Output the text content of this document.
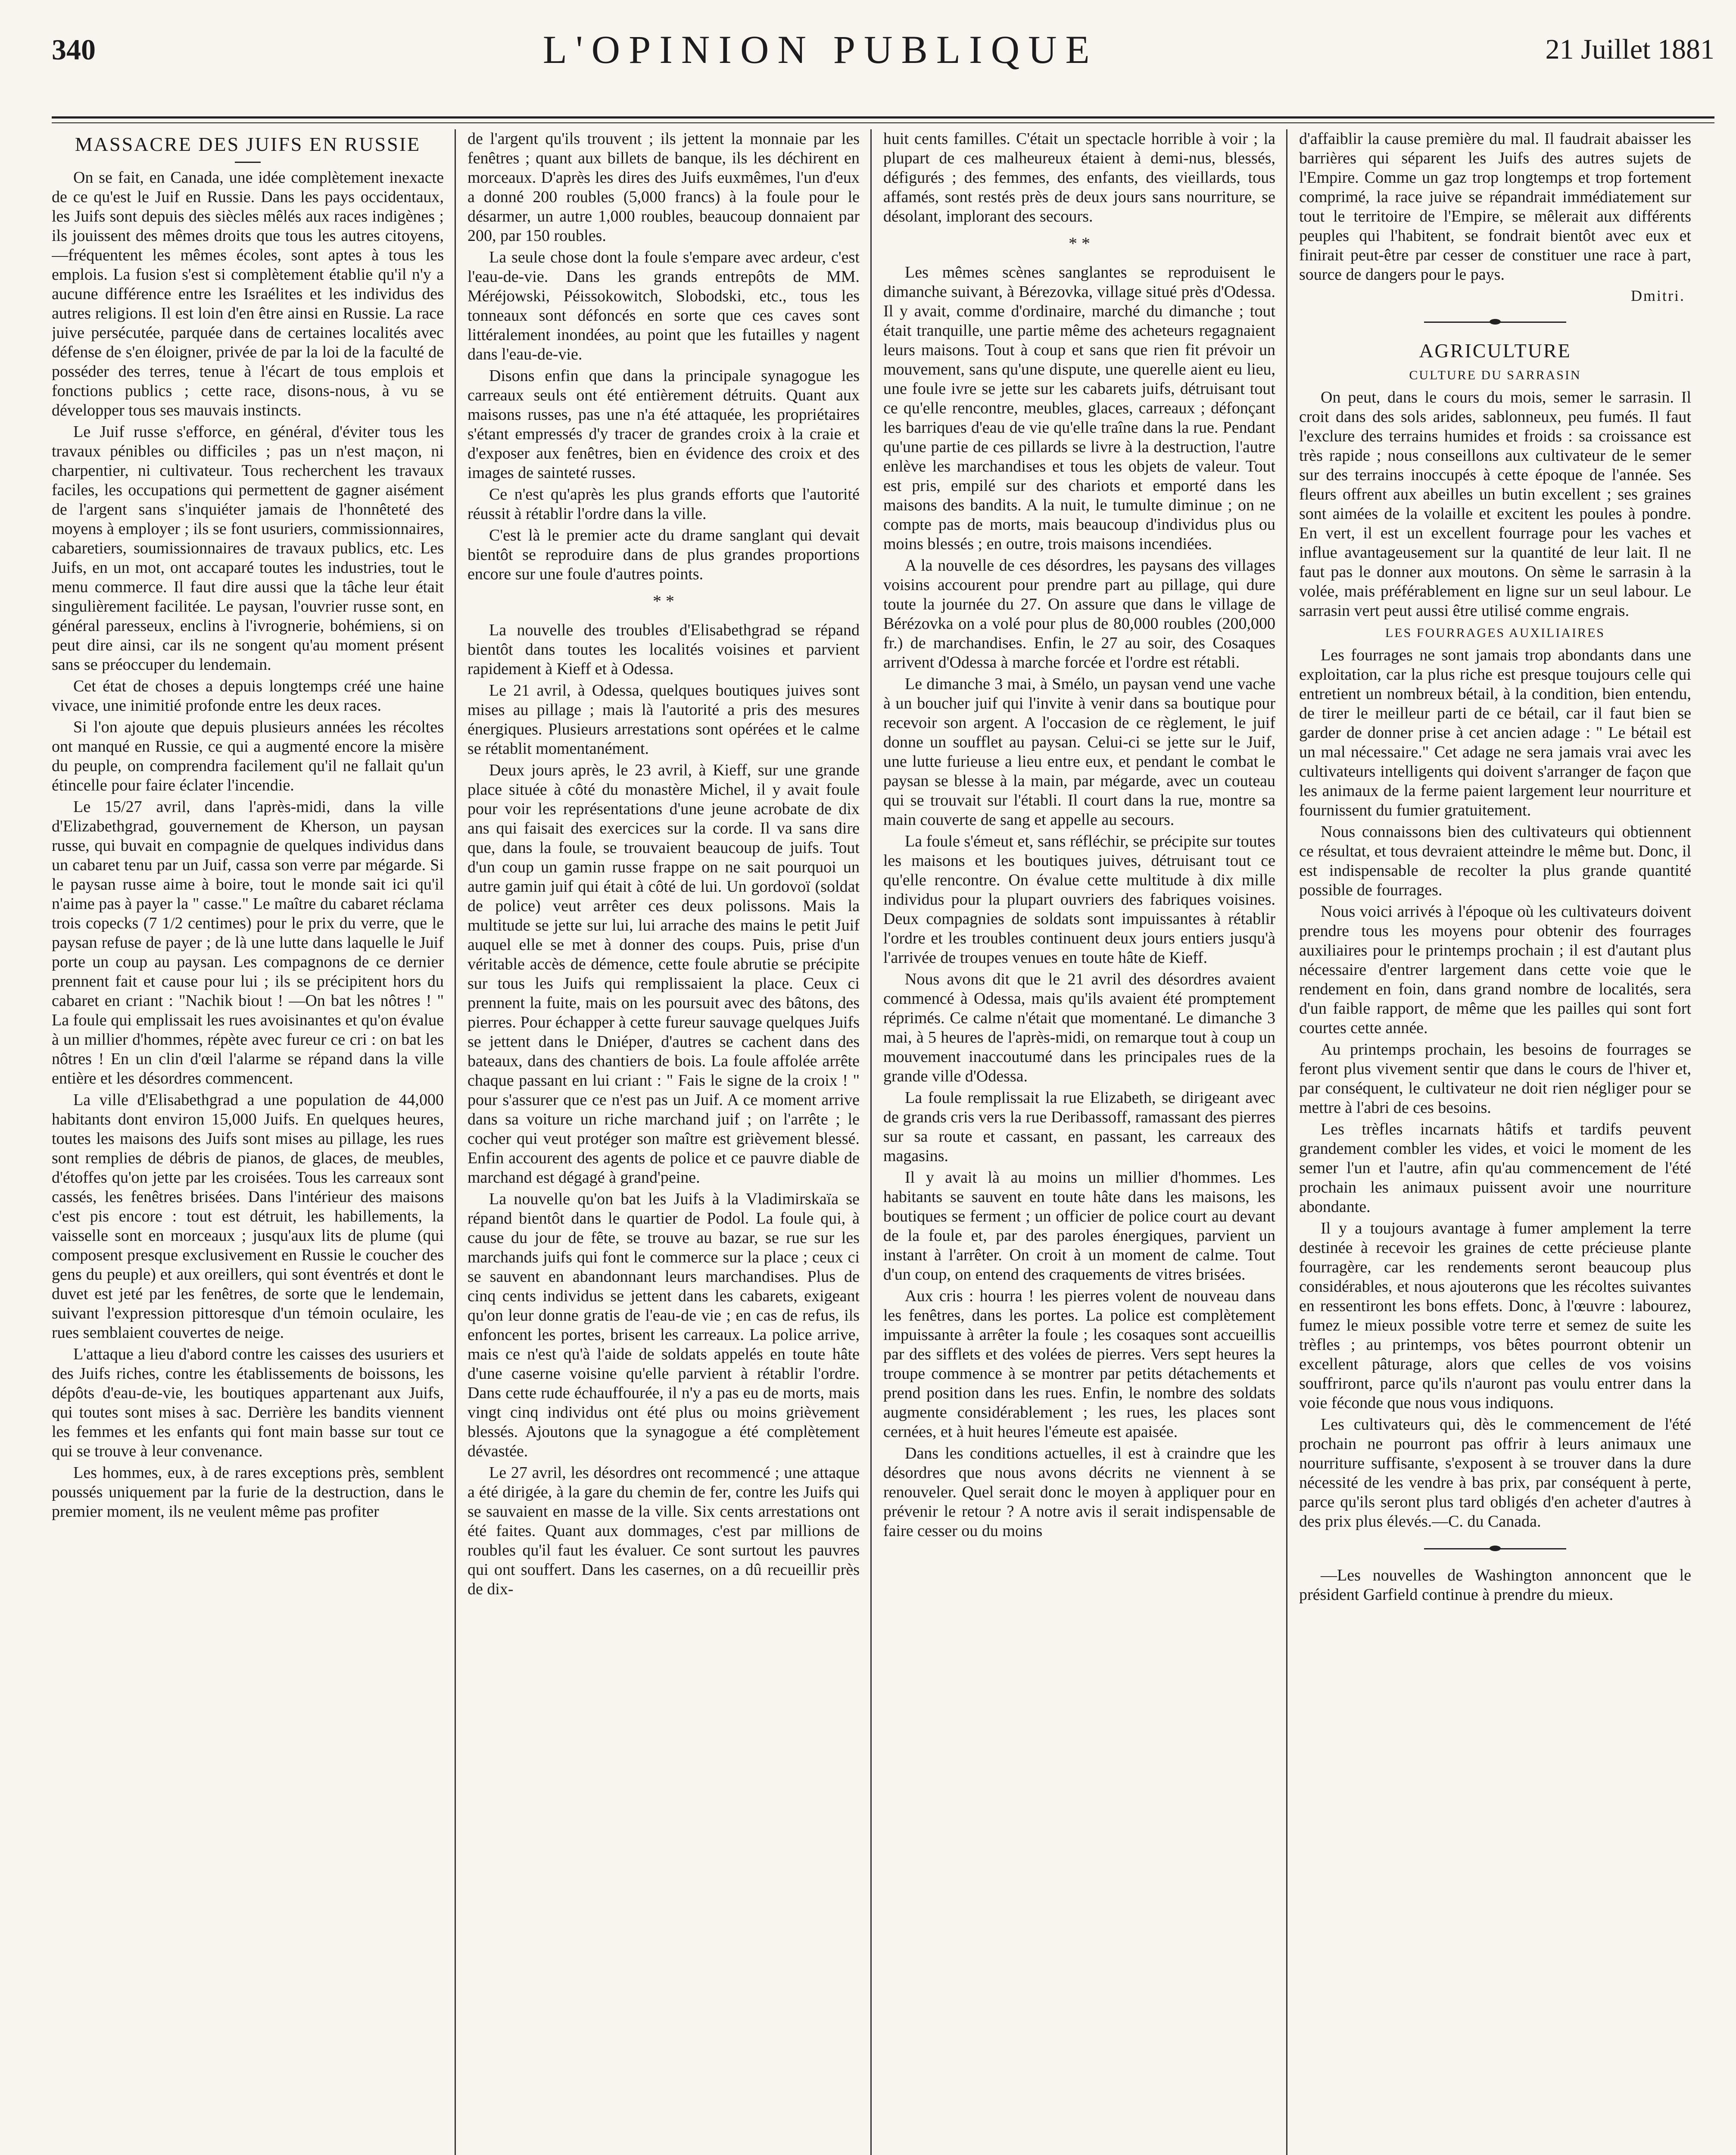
340	L'OPINION PUBLIQUE	21 Juillet 1881
MASSACRE DES JUIFS EN RUSSIE

On se fait, en Canada, une idée complètement inexacte de ce qu'est le Juif en Russie. Dans les pays occidentaux, les Juifs sont depuis des siècles mêlés aux races indigènes ; ils jouissent des mêmes droits que tous les autres citoyens,—fréquentent les mêmes écoles, sont aptes à tous les emplois. La fusion s'est si complètement établie qu'il n'y a aucune différence entre les Israélites et les individus des autres religions. Il est loin d'en être ainsi en Russie. La race juive persécutée, parquée dans de certaines localités avec défense de s'en éloigner, privée de par la loi de la faculté de posséder des terres, tenue à l'écart de tous emplois et fonctions publics ; cette race, disons-nous, à vu se développer tous ses mauvais instincts.

Le Juif russe s'efforce, en général, d'éviter tous les travaux pénibles ou difficiles ; pas un n'est maçon, ni charpentier, ni cultivateur. Tous recherchent les travaux faciles, les occupations qui permettent de gagner aisément de l'argent sans s'inquiéter jamais de l'honnêteté des moyens à employer ; ils se font usuriers, commissionnaires, cabaretiers, soumissionnaires de travaux publics, etc. Les Juifs, en un mot, ont accaparé toutes les industries, tout le menu commerce. Il faut dire aussi que la tâche leur était singulièrement facilitée. Le paysan, l'ouvrier russe sont, en général paresseux, enclins à l'ivrognerie, bohémiens, si on peut dire ainsi, car ils ne songent qu'au moment présent sans se préoccuper du lendemain.

Cet état de choses a depuis longtemps créé une haine vivace, une inimitié profonde entre les deux races.

Si l'on ajoute que depuis plusieurs années les récoltes ont manqué en Russie, ce qui a augmenté encore la misère du peuple, on comprendra facilement qu'il ne fallait qu'un étincelle pour faire éclater l'incendie.

Le 15/27 avril, dans l'après-midi, dans la ville d'Elizabethgrad, gouvernement de Kherson, un paysan russe, qui buvait en compagnie de quelques individus dans un cabaret tenu par un Juif, cassa son verre par mégarde. Si le paysan russe aime à boire, tout le monde sait ici qu'il n'aime pas à payer la " casse." Le maître du cabaret réclama trois copecks (7 1/2 centimes) pour le prix du verre, que le paysan refuse de payer ; de là une lutte dans laquelle le Juif porte un coup au paysan. Les compagnons de ce dernier prennent fait et cause pour lui ; ils se précipitent hors du cabaret en criant : "Nachik biout ! —On bat les nôtres ! " La foule qui emplissait les rues avoisinantes et qu'on évalue à un millier d'hommes, répète avec fureur ce cri : on bat les nôtres ! En un clin d'œil l'alarme se répand dans la ville entière et les désordres commencent.

La ville d'Elisabethgrad a une population de 44,000 habitants dont environ 15,000 Juifs. En quelques heures, toutes les maisons des Juifs sont mises au pillage, les rues sont remplies de débris de pianos, de glaces, de meubles, d'étoffes qu'on jette par les croisées. Tous les carreaux sont cassés, les fenêtres brisées. Dans l'intérieur des maisons c'est pis encore : tout est détruit, les habillements, la vaisselle sont en morceaux ; jusqu'aux lits de plume (qui composent presque exclusivement en Russie le coucher des gens du peuple) et aux oreillers, qui sont éventrés et dont le duvet est jeté par les fenêtres, de sorte que le lendemain, suivant l'expression pittoresque d'un témoin oculaire, les rues semblaient couvertes de neige.

L'attaque a lieu d'abord contre les caisses des usuriers et des Juifs riches, contre les établissements de boissons, les dépôts d'eau-de-vie, les boutiques appartenant aux Juifs, qui toutes sont mises à sac. Derrière les bandits viennent les femmes et les enfants qui font main basse sur tout ce qui se trouve à leur convenance.

Les hommes, eux, à de rares exceptions près, semblent poussés uniquement par la furie de la destruction, dans le premier moment, ils ne veulent même pas profiter

de l'argent qu'ils trouvent ; ils jettent la monnaie par les fenêtres ; quant aux billets de banque, ils les déchirent en morceaux. D'après les dires des Juifs euxmêmes, l'un d'eux a donné 200 roubles (5,000 francs) à la foule pour le désarmer, un autre 1,000 roubles, beaucoup donnaient par 200, par 150 roubles.

La seule chose dont la foule s'empare avec ardeur, c'est l'eau-de-vie. Dans les grands entrepôts de MM. Méréjowski, Péissokowitch, Slobodski, etc., tous les tonneaux sont défoncés en sorte que ces caves sont littéralement inondées, au point que les futailles y nagent dans l'eau-de-vie.

Disons enfin que dans la principale synagogue les carreaux seuls ont été entièrement détruits. Quant aux maisons russes, pas une n'a été attaquée, les propriétaires s'étant empressés d'y tracer de grandes croix à la craie et d'exposer aux fenêtres, bien en évidence des croix et des images de sainteté russes.

Ce n'est qu'après les plus grands efforts que l'autorité réussit à rétablir l'ordre dans la ville.

C'est là le premier acte du drame sanglant qui devait bientôt se reproduire dans de plus grandes proportions encore sur une foule d'autres points.

* *

La nouvelle des troubles d'Elisabethgrad se répand bientôt dans toutes les localités voisines et parvient rapidement à Kieff et à Odessa.

Le 21 avril, à Odessa, quelques boutiques juives sont mises au pillage ; mais là l'autorité a pris des mesures énergiques. Plusieurs arrestations sont opérées et le calme se rétablit momentanément.

Deux jours après, le 23 avril, à Kieff, sur une grande place située à côté du monastère Michel, il y avait foule pour voir les représentations d'une jeune acrobate de dix ans qui faisait des exercices sur la corde. Il va sans dire que, dans la foule, se trouvaient beaucoup de juifs. Tout d'un coup un gamin russe frappe on ne sait pourquoi un autre gamin juif qui était à côté de lui. Un gordovoï (soldat de police) veut arrêter ces deux polissons. Mais la multitude se jette sur lui, lui arrache des mains le petit Juif auquel elle se met à donner des coups. Puis, prise d'un véritable accès de démence, cette foule abrutie se précipite sur tous les Juifs qui remplissaient la place. Ceux ci prennent la fuite, mais on les poursuit avec des bâtons, des pierres. Pour échapper à cette fureur sauvage quelques Juifs se jettent dans le Dniéper, d'autres se cachent dans des bateaux, dans des chantiers de bois. La foule affolée arrête chaque passant en lui criant : " Fais le signe de la croix ! " pour s'assurer que ce n'est pas un Juif. A ce moment arrive dans sa voiture un riche marchand juif ; on l'arrête ; le cocher qui veut protéger son maître est grièvement blessé. Enfin accourent des agents de police et ce pauvre diable de marchand est dégagé à grand'peine.

La nouvelle qu'on bat les Juifs à la Vladimirskaïa se répand bientôt dans le quartier de Podol. La foule qui, à cause du jour de fête, se trouve au bazar, se rue sur les marchands juifs qui font le commerce sur la place ; ceux ci se sauvent en abandonnant leurs marchandises. Plus de cinq cents individus se jettent dans les cabarets, exigeant qu'on leur donne gratis de l'eau-de vie ; en cas de refus, ils enfoncent les portes, brisent les carreaux. La police arrive, mais ce n'est qu'à l'aide de soldats appelés en toute hâte d'une caserne voisine qu'elle parvient à rétablir l'ordre. Dans cette rude échauffourée, il n'y a pas eu de morts, mais vingt cinq individus ont été plus ou moins grièvement blessés. Ajoutons que la synagogue a été complètement dévastée.

Le 27 avril, les désordres ont recommencé ; une attaque a été dirigée, à la gare du chemin de fer, contre les Juifs qui se sauvaient en masse de la ville. Six cents arrestations ont été faites. Quant aux dommages, c'est par millions de roubles qu'il faut les évaluer. Ce sont surtout les pauvres qui ont souffert. Dans les casernes, on a dû recueillir près de dix-

huit cents familles. C'était un spectacle horrible à voir ; la plupart de ces malheureux étaient à demi-nus, blessés, défigurés ; des femmes, des enfants, des vieillards, tous affamés, sont restés près de deux jours sans nourriture, se désolant, implorant des secours.

* *

Les mêmes scènes sanglantes se reproduisent le dimanche suivant, à Bérezovka, village situé près d'Odessa. Il y avait, comme d'ordinaire, marché du dimanche ; tout était tranquille, une partie même des acheteurs regagnaient leurs maisons. Tout à coup et sans que rien fit prévoir un mouvement, sans qu'une dispute, une querelle aient eu lieu, une foule ivre se jette sur les cabarets juifs, détruisant tout ce qu'elle rencontre, meubles, glaces, carreaux ; défonçant les barriques d'eau de vie qu'elle traîne dans la rue. Pendant qu'une partie de ces pillards se livre à la destruction, l'autre enlève les marchandises et tous les objets de valeur. Tout est pris, empilé sur des chariots et emporté dans les maisons des bandits. A la nuit, le tumulte diminue ; on ne compte pas de morts, mais beaucoup d'individus plus ou moins blessés ; en outre, trois maisons incendiées.

A la nouvelle de ces désordres, les paysans des villages voisins accourent pour prendre part au pillage, qui dure toute la journée du 27. On assure que dans le village de Bérézovka on a volé pour plus de 80,000 roubles (200,000 fr.) de marchandises. Enfin, le 27 au soir, des Cosaques arrivent d'Odessa à marche forcée et l'ordre est rétabli.

Le dimanche 3 mai, à Smélo, un paysan vend une vache à un boucher juif qui l'invite à venir dans sa boutique pour recevoir son argent. A l'occasion de ce règlement, le juif donne un soufflet au paysan. Celui-ci se jette sur le Juif, une lutte furieuse a lieu entre eux, et pendant le combat le paysan se blesse à la main, par mégarde, avec un couteau qui se trouvait sur l'établi. Il court dans la rue, montre sa main couverte de sang et appelle au secours.

La foule s'émeut et, sans réfléchir, se précipite sur toutes les maisons et les boutiques juives, détruisant tout ce qu'elle rencontre. On évalue cette multitude à dix mille individus pour la plupart ouvriers des fabriques voisines. Deux compagnies de soldats sont impuissantes à rétablir l'ordre et les troubles continuent deux jours entiers jusqu'à l'arrivée de troupes venues en toute hâte de Kieff.

Nous avons dit que le 21 avril des désordres avaient commencé à Odessa, mais qu'ils avaient été promptement réprimés. Ce calme n'était que momentané. Le dimanche 3 mai, à 5 heures de l'après-midi, on remarque tout à coup un mouvement inaccoutumé dans les principales rues de la grande ville d'Odessa.

La foule remplissait la rue Elizabeth, se dirigeant avec de grands cris vers la rue Deribassoff, ramassant des pierres sur sa route et cassant, en passant, les carreaux des magasins.

Il y avait là au moins un millier d'hommes. Les habitants se sauvent en toute hâte dans les maisons, les boutiques se ferment ; un officier de police court au devant de la foule et, par des paroles énergiques, parvient un instant à l'arrêter. On croit à un moment de calme. Tout d'un coup, on entend des craquements de vitres brisées.

Aux cris : hourra ! les pierres volent de nouveau dans les fenêtres, dans les portes. La police est complètement impuissante à arrêter la foule ; les cosaques sont accueillis par des sifflets et des volées de pierres. Vers sept heures la troupe commence à se montrer par petits détachements et prend position dans les rues. Enfin, le nombre des soldats augmente considérablement ; les rues, les places sont cernées, et à huit heures l'émeute est apaisée.

Dans les conditions actuelles, il est à craindre que les désordres que nous avons décrits ne viennent à se renouveler. Quel serait donc le moyen à appliquer pour en prévenir le retour ? A notre avis il serait indispensable de faire cesser ou du moins

d'affaiblir la cause première du mal. Il faudrait abaisser les barrières qui séparent les Juifs des autres sujets de l'Empire. Comme un gaz trop longtemps et trop fortement comprimé, la race juive se répandrait immédiatement sur tout le territoire de l'Empire, se mêlerait aux différents peuples qui l'habitent, se fondrait bientôt avec eux et finirait peut-être par cesser de constituer une race à part, source de dangers pour le pays.

Dmitri.
AGRICULTURE
CULTURE DU SARRASIN

On peut, dans le cours du mois, semer le sarrasin. Il croit dans des sols arides, sablonneux, peu fumés. Il faut l'exclure des terrains humides et froids : sa croissance est très rapide ; nous conseillons aux cultivateur de le semer sur des terrains inoccupés à cette époque de l'année. Ses fleurs offrent aux abeilles un butin excellent ; ses graines sont aimées de la volaille et excitent les poules à pondre. En vert, il est un excellent fourrage pour les vaches et influe avantageusement sur la quantité de leur lait. Il ne faut pas le donner aux moutons. On sème le sarrasin à la volée, mais préférablement en ligne sur un seul labour. Le sarrasin vert peut aussi être utilisé comme engrais.

LES FOURRAGES AUXILIAIRES

Les fourrages ne sont jamais trop abondants dans une exploitation, car la plus riche est presque toujours celle qui entretient un nombreux bétail, à la condition, bien entendu, de tirer le meilleur parti de ce bétail, car il faut bien se garder de donner prise à cet ancien adage : " Le bétail est un mal nécessaire." Cet adage ne sera jamais vrai avec les cultivateurs intelligents qui doivent s'arranger de façon que les animaux de la ferme paient largement leur nourriture et fournissent du fumier gratuitement.

Nous connaissons bien des cultivateurs qui obtiennent ce résultat, et tous devraient atteindre le même but. Donc, il est indispensable de recolter la plus grande quantité possible de fourrages.

Nous voici arrivés à l'époque où les cultivateurs doivent prendre tous les moyens pour obtenir des fourrages auxiliaires pour le printemps prochain ; il est d'autant plus nécessaire d'entrer largement dans cette voie que le rendement en foin, dans grand nombre de localités, sera d'un faible rapport, de même que les pailles qui sont fort courtes cette année.

Au printemps prochain, les besoins de fourrages se feront plus vivement sentir que dans le cours de l'hiver et, par conséquent, le cultivateur ne doit rien négliger pour se mettre à l'abri de ces besoins.

Les trèfles incarnats hâtifs et tardifs peuvent grandement combler les vides, et voici le moment de les semer l'un et l'autre, afin qu'au commencement de l'été prochain les animaux puissent avoir une nourriture abondante.

Il y a toujours avantage à fumer amplement la terre destinée à recevoir les graines de cette précieuse plante fourragère, car les rendements seront beaucoup plus considérables, et nous ajouterons que les récoltes suivantes en ressentiront les bons effets. Donc, à l'œuvre : labourez, fumez le mieux possible votre terre et semez de suite les trèfles ; au printemps, vos bêtes pourront obtenir un excellent pâturage, alors que celles de vos voisins souffriront, parce qu'ils n'auront pas voulu entrer dans la voie féconde que nous vous indiquons.

Les cultivateurs qui, dès le commencement de l'été prochain ne pourront pas offrir à leurs animaux une nourriture suffisante, s'exposent à se trouver dans la dure nécessité de les vendre à bas prix, par conséquent à perte, parce qu'ils seront plus tard obligés d'en acheter d'autres à des prix plus élevés.—C. du Canada.

—Les nouvelles de Washington annoncent que le président Garfield continue à prendre du mieux.
